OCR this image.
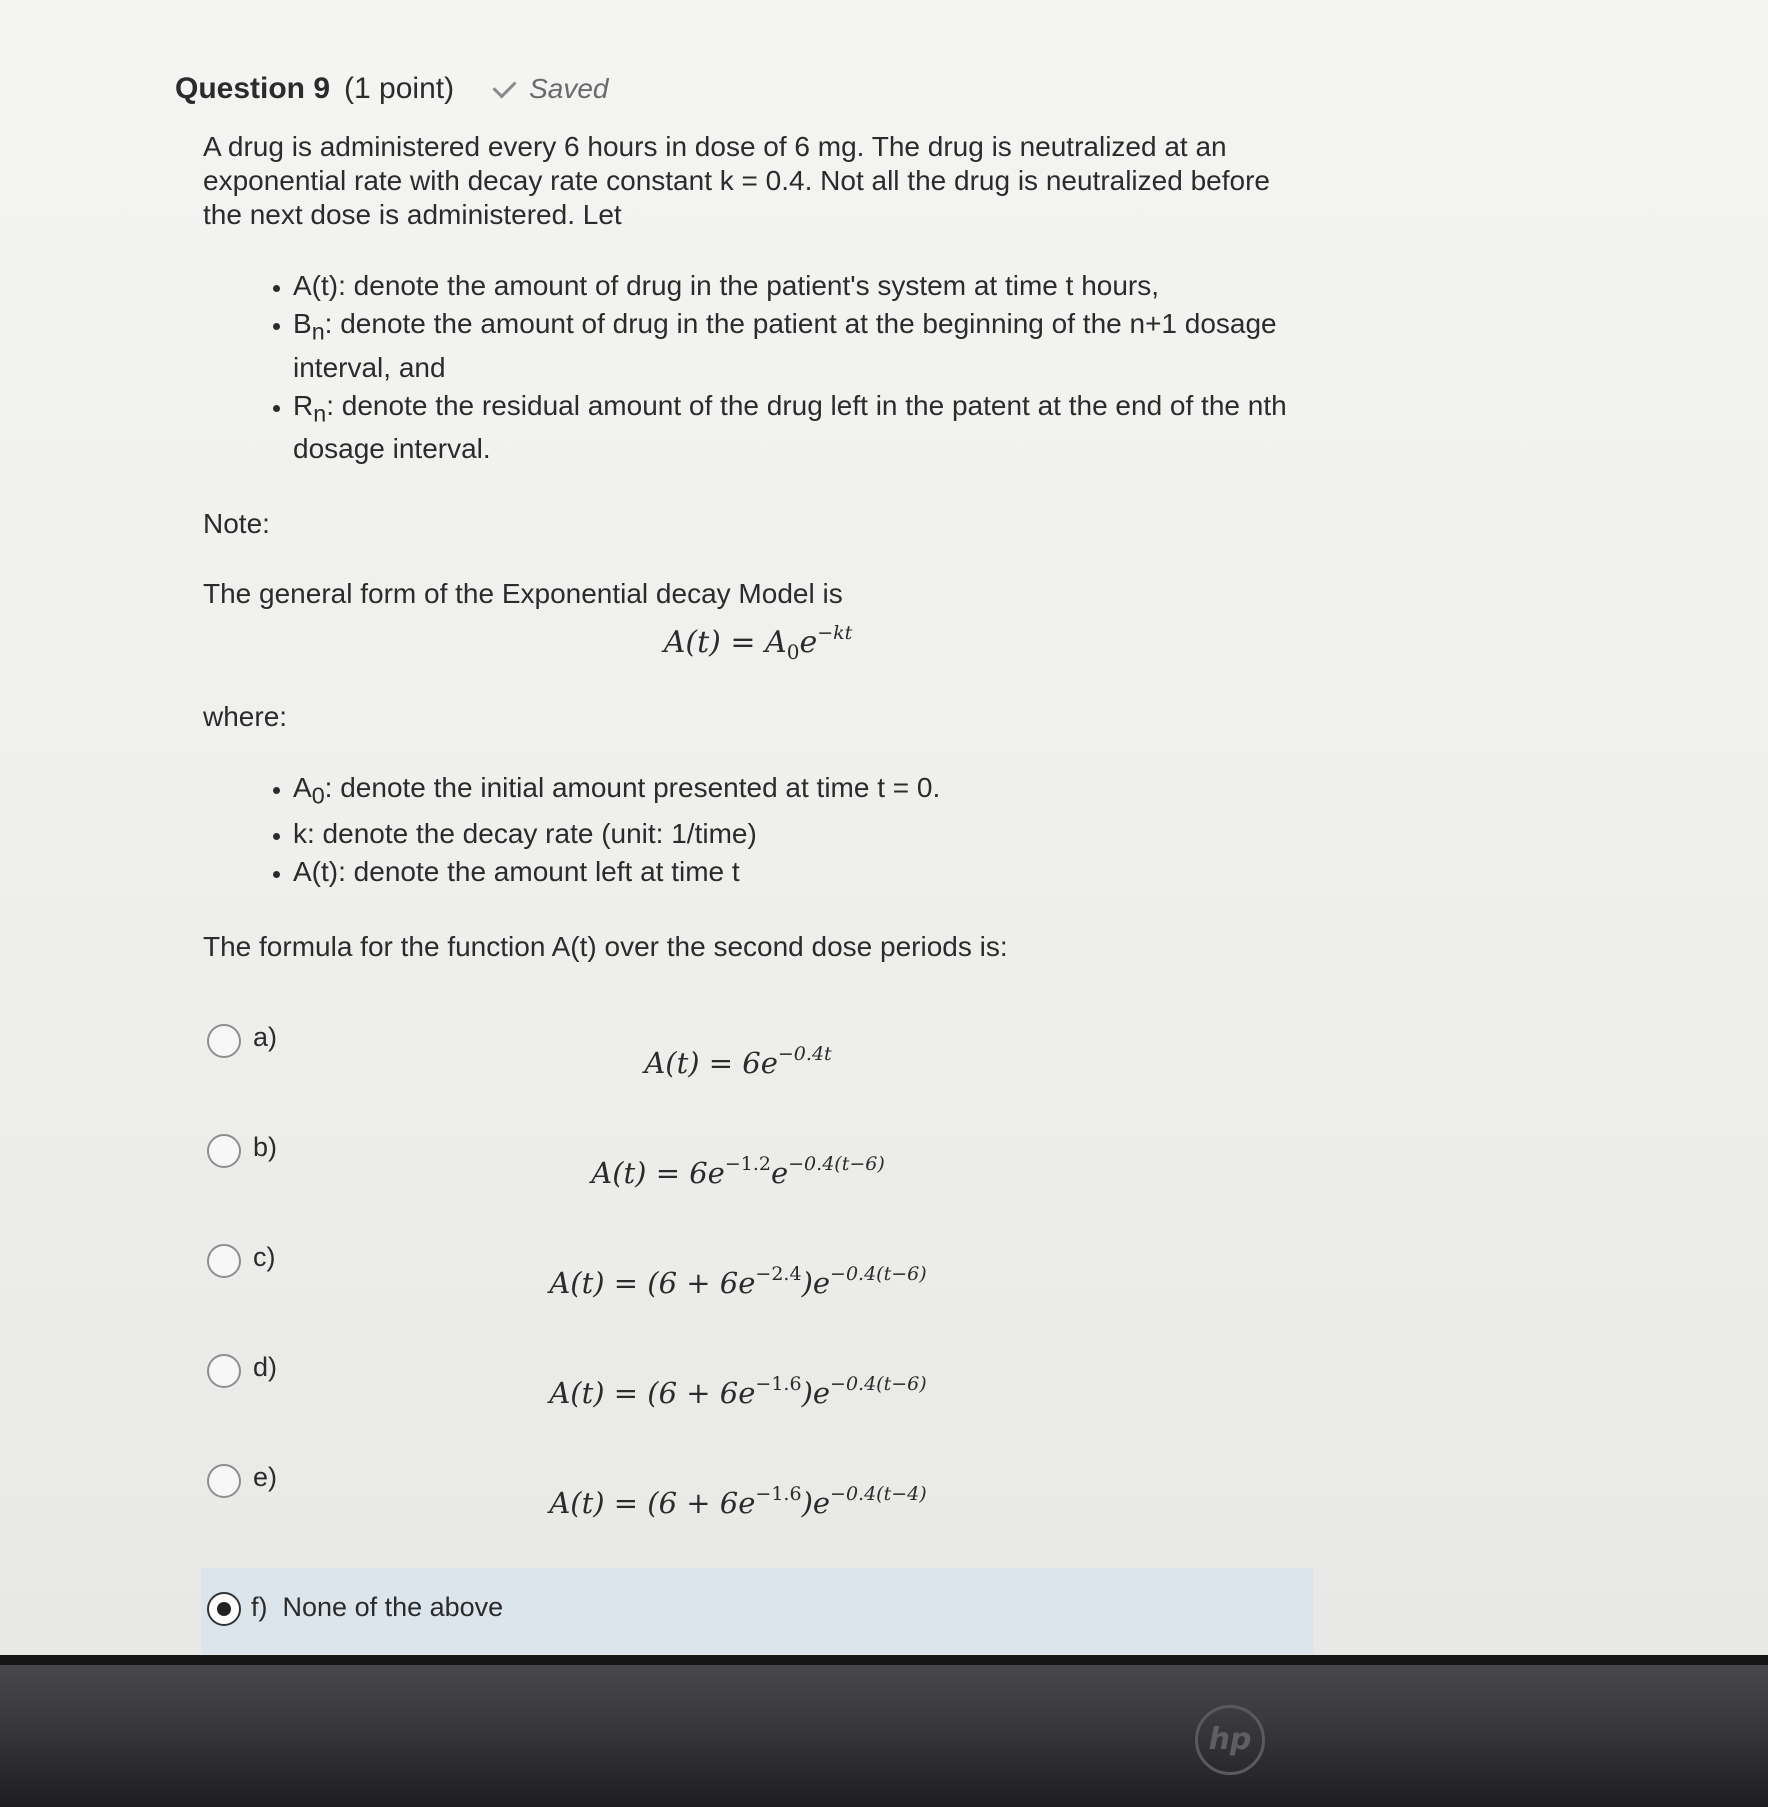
Question 9 (1 point)	Saved

A drug is administered every 6 hours in dose of 6 mg. The drug is neutralized at an exponential rate with decay rate constant k = 0.4. Not all the drug is neutralized before the next dose is administered. Let

• A(t): denote the amount of drug in the patient's system at time t hours,
• $B_n$: denote the amount of drug in the patient at the beginning of the n+1 dosage interval, and
• $R_n$: denote the residual amount of the drug left in the patent at the end of the nth dosage interval.

Note:

The general form of the Exponential decay Model is

$A(t) = A_0e^{-kt}$

where:

• $A_0$: denote the initial amount presented at time t = 0.
• k: denote the decay rate (unit: 1/time)
• A(t): denote the amount left at time t

The formula for the function A(t) over the second dose periods is:

a)
$A(t) = 6e^{-0.4t}$
b)
$A(t) = 6e^{-1.2}e^{-0.4(t-6)}$
c)
$A(t) = (6 + 6e^{-2.4})e^{-0.4(t-6)}$
d)
$A(t) = (6 + 6e^{-1.6})e^{-0.4(t-6)}$
e)
$A(t) = (6 + 6e^{-1.6})e^{-0.4(t-4)}$
f) None of the above
hp
